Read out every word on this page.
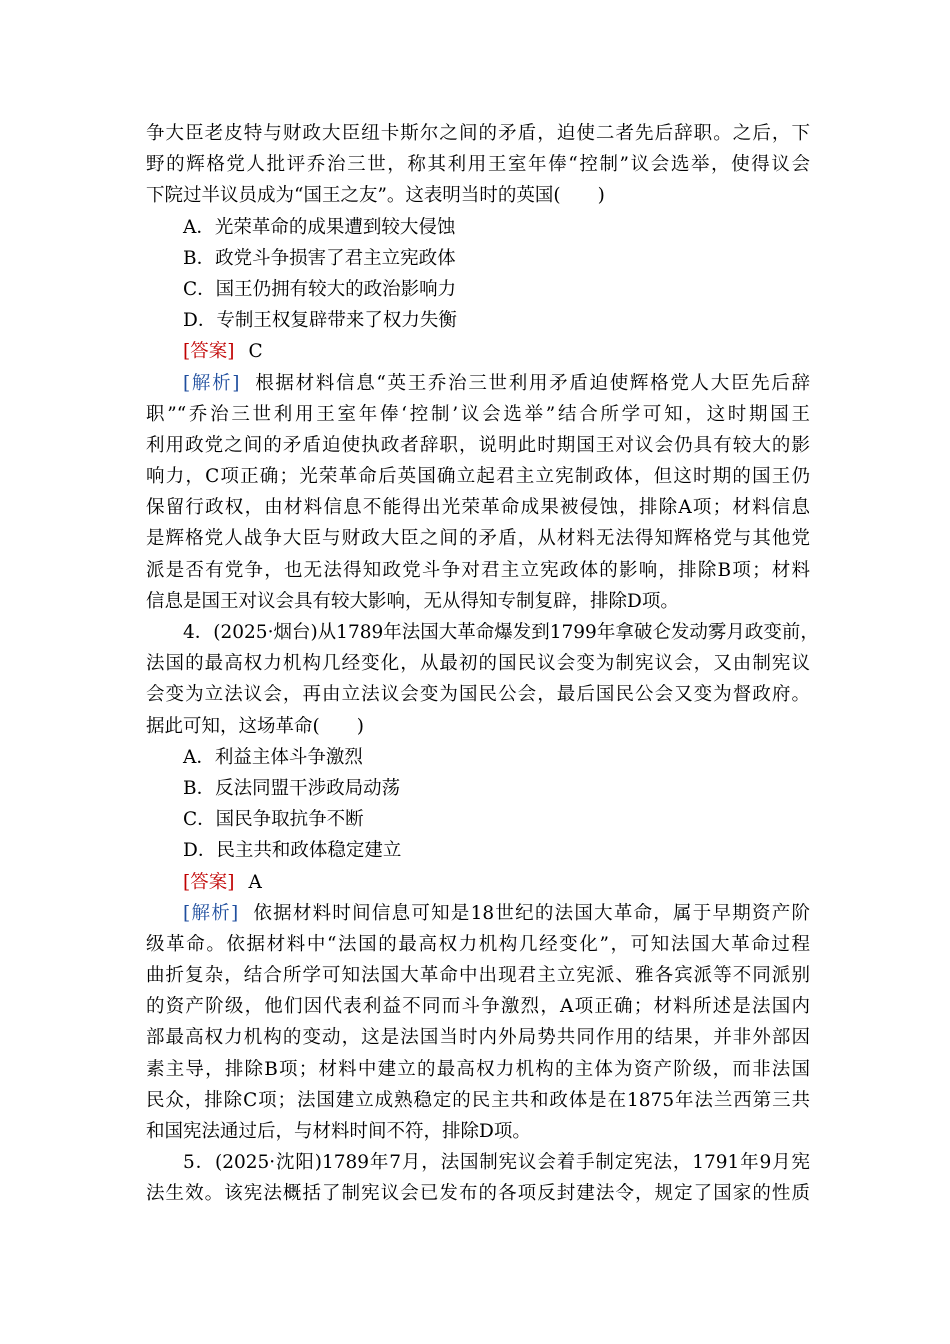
争大臣老皮特与财政大臣纽卡斯尔之间的矛盾，迫使二者先后辞职。之后，下
野的辉格党人批评乔治三世，称其利用王室年俸“控制”议会选举，使得议会
下院过半议员成为“国王之友”。这表明当时的英国(　　)
A．光荣革命的成果遭到较大侵蚀
B．政党斗争损害了君主立宪政体
C．国王仍拥有较大的政治影响力
D．专制王权复辟带来了权力失衡
[答案] C
[解析] 根据材料信息“英王乔治三世利用矛盾迫使辉格党人大臣先后辞
职”“乔治三世利用王室年俸‘控制’议会选举”结合所学可知，这时期国王
利用政党之间的矛盾迫使执政者辞职，说明此时期国王对议会仍具有较大的影
响力，C项正确；光荣革命后英国确立起君主立宪制政体，但这时期的国王仍
保留行政权，由材料信息不能得出光荣革命成果被侵蚀，排除A项；材料信息
是辉格党人战争大臣与财政大臣之间的矛盾，从材料无法得知辉格党与其他党
派是否有党争，也无法得知政党斗争对君主立宪政体的影响，排除B项；材料
信息是国王对议会具有较大影响，无从得知专制复辟，排除D项。
4．(2025·烟台)从1789年法国大革命爆发到1799年拿破仑发动雾月政变前，
法国的最高权力机构几经变化，从最初的国民议会变为制宪议会，又由制宪议
会变为立法议会，再由立法议会变为国民公会，最后国民公会又变为督政府。
据此可知，这场革命(　　)
A．利益主体斗争激烈
B．反法同盟干涉政局动荡
C．国民争取抗争不断
D．民主共和政体稳定建立
[答案] A
[解析] 依据材料时间信息可知是18世纪的法国大革命，属于早期资产阶
级革命。依据材料中“法国的最高权力机构几经变化”，可知法国大革命过程
曲折复杂，结合所学可知法国大革命中出现君主立宪派、雅各宾派等不同派别
的资产阶级，他们因代表利益不同而斗争激烈，A项正确；材料所述是法国内
部最高权力机构的变动，这是法国当时内外局势共同作用的结果，并非外部因
素主导，排除B项；材料中建立的最高权力机构的主体为资产阶级，而非法国
民众，排除C项；法国建立成熟稳定的民主共和政体是在1875年法兰西第三共
和国宪法通过后，与材料时间不符，排除D项。
5．(2025·沈阳)1789年7月，法国制宪议会着手制定宪法，1791年9月宪
法生效。该宪法概括了制宪议会已发布的各项反封建法令，规定了国家的性质
